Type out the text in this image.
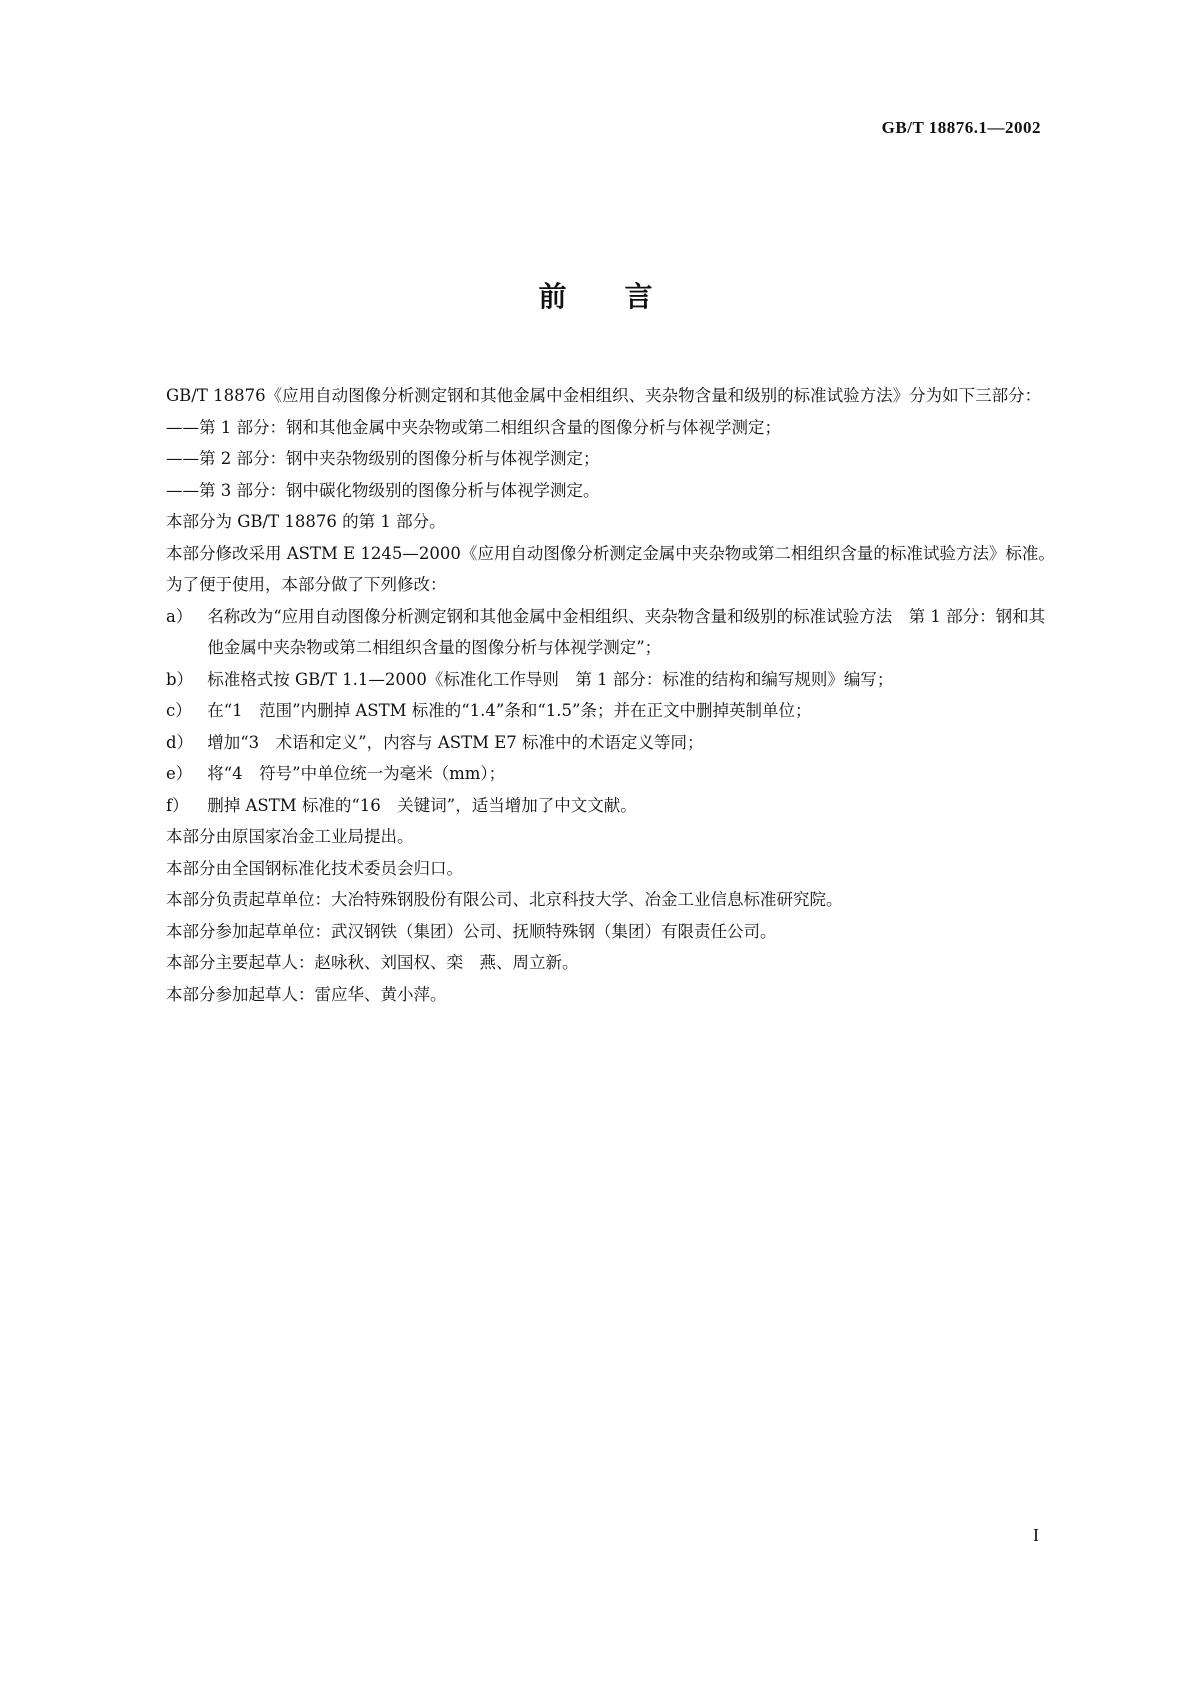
GB/T 18876.1—2002
前言

GB/T 18876《应用自动图像分析测定钢和其他金属中金相组织、夹杂物含量和级别的标准试验方法》分为如下三部分：

——第 1 部分：钢和其他金属中夹杂物或第二相组织含量的图像分析与体视学测定；

——第 2 部分：钢中夹杂物级别的图像分析与体视学测定；

——第 3 部分：钢中碳化物级别的图像分析与体视学测定。

本部分为 GB/T 18876 的第 1 部分。

本部分修改采用 ASTM E 1245—2000《应用自动图像分析测定金属中夹杂物或第二相组织含量的标准试验方法》标准。

为了便于使用，本部分做了下列修改：

a） 名称改为“应用自动图像分析测定钢和其他金属中金相组织、夹杂物含量和级别的标准试验方法　第 1 部分：钢和其他金属中夹杂物或第二相组织含量的图像分析与体视学测定”；

b） 标准格式按 GB/T 1.1—2000《标准化工作导则　第 1 部分：标准的结构和编写规则》编写；

c） 在“1　范围”内删掉 ASTM 标准的“1.4”条和“1.5”条；并在正文中删掉英制单位；

d） 增加“3　术语和定义”，内容与 ASTM E7 标准中的术语定义等同；

e） 将“4　符号”中单位统一为毫米（mm）；

f） 删掉 ASTM 标准的“16　关键词”，适当增加了中文文献。

本部分由原国家冶金工业局提出。

本部分由全国钢标准化技术委员会归口。

本部分负责起草单位：大冶特殊钢股份有限公司、北京科技大学、冶金工业信息标准研究院。

本部分参加起草单位：武汉钢铁（集团）公司、抚顺特殊钢（集团）有限责任公司。

本部分主要起草人：赵咏秋、刘国权、栾　燕、周立新。

本部分参加起草人：雷应华、黄小萍。

I
